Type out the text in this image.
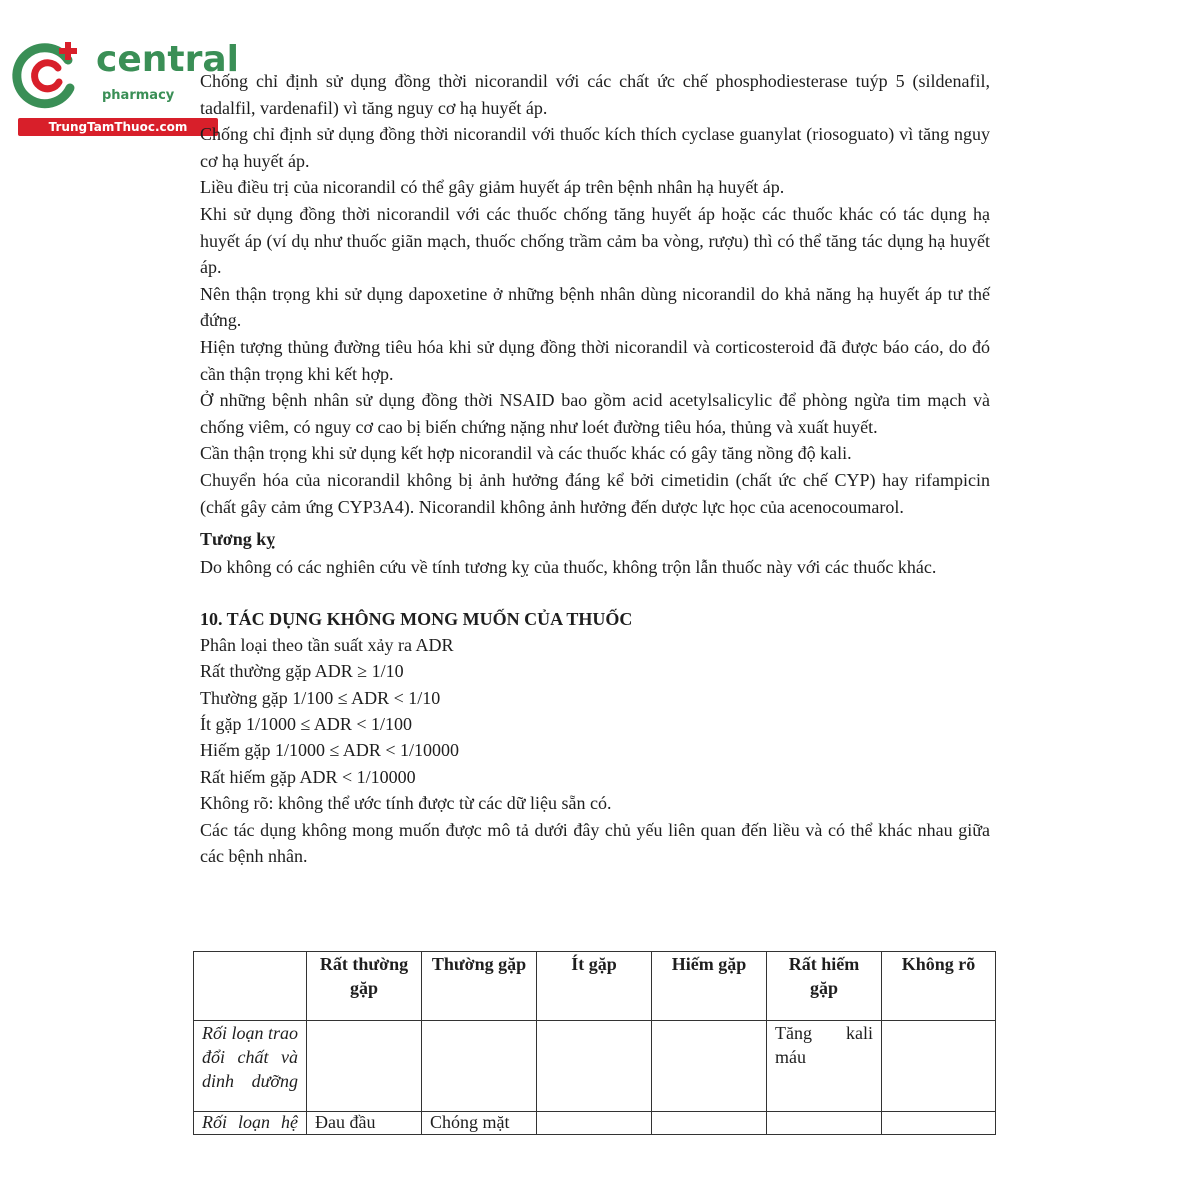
central
pharmacy
TrungTamThuoc.com

Chống chỉ định sử dụng đồng thời nicorandil với các chất ức chế phosphodiesterase tuýp 5 (sildenafil, tadalfil, vardenafil) vì tăng nguy cơ hạ huyết áp.

Chống chỉ định sử dụng đồng thời nicorandil với thuốc kích thích cyclase guanylat (riosoguato) vì tăng nguy cơ hạ huyết áp.

Liều điều trị của nicorandil có thể gây giảm huyết áp trên bệnh nhân hạ huyết áp.

Khi sử dụng đồng thời nicorandil với các thuốc chống tăng huyết áp hoặc các thuốc khác có tác dụng hạ huyết áp (ví dụ như thuốc giãn mạch, thuốc chống trầm cảm ba vòng, rượu) thì có thể tăng tác dụng hạ huyết áp.

Nên thận trọng khi sử dụng dapoxetine ở những bệnh nhân dùng nicorandil do khả năng hạ huyết áp tư thế đứng.

Hiện tượng thủng đường tiêu hóa khi sử dụng đồng thời nicorandil và corticosteroid đã được báo cáo, do đó cần thận trọng khi kết hợp.

Ở những bệnh nhân sử dụng đồng thời NSAID bao gồm acid acetylsalicylic để phòng ngừa tim mạch và chống viêm, có nguy cơ cao bị biến chứng nặng như loét đường tiêu hóa, thủng và xuất huyết.

Cần thận trọng khi sử dụng kết hợp nicorandil và các thuốc khác có gây tăng nồng độ kali.

Chuyển hóa của nicorandil không bị ảnh hưởng đáng kể bởi cimetidin (chất ức chế CYP) hay rifampicin (chất gây cảm ứng CYP3A4). Nicorandil không ảnh hưởng đến dược lực học của acenocoumarol.

Tương kỵ

Do không có các nghiên cứu về tính tương kỵ của thuốc, không trộn lẫn thuốc này với các thuốc khác.

10. TÁC DỤNG KHÔNG MONG MUỐN CỦA THUỐC

Phân loại theo tần suất xảy ra ADR

Rất thường gặp ADR ≥ 1/10

Thường gặp 1/100 ≤ ADR < 1/10

Ít gặp 1/1000 ≤ ADR < 1/100

Hiếm gặp 1/1000 ≤ ADR < 1/10000

Rất hiếm gặp ADR < 1/10000

Không rõ: không thể ước tính được từ các dữ liệu sẵn có.

Các tác dụng không mong muốn được mô tả dưới đây chủ yếu liên quan đến liều và có thể khác nhau giữa các bệnh nhân.

	Rất thường gặp	Thường gặp	Ít gặp	Hiếm gặp	Rất hiếm gặp	Không rõ
Rối loạn trao đổi chất và dinh dưỡng					Tăng kali máu	
Rối loạn hệ	Đau đầu	Chóng mặt				
